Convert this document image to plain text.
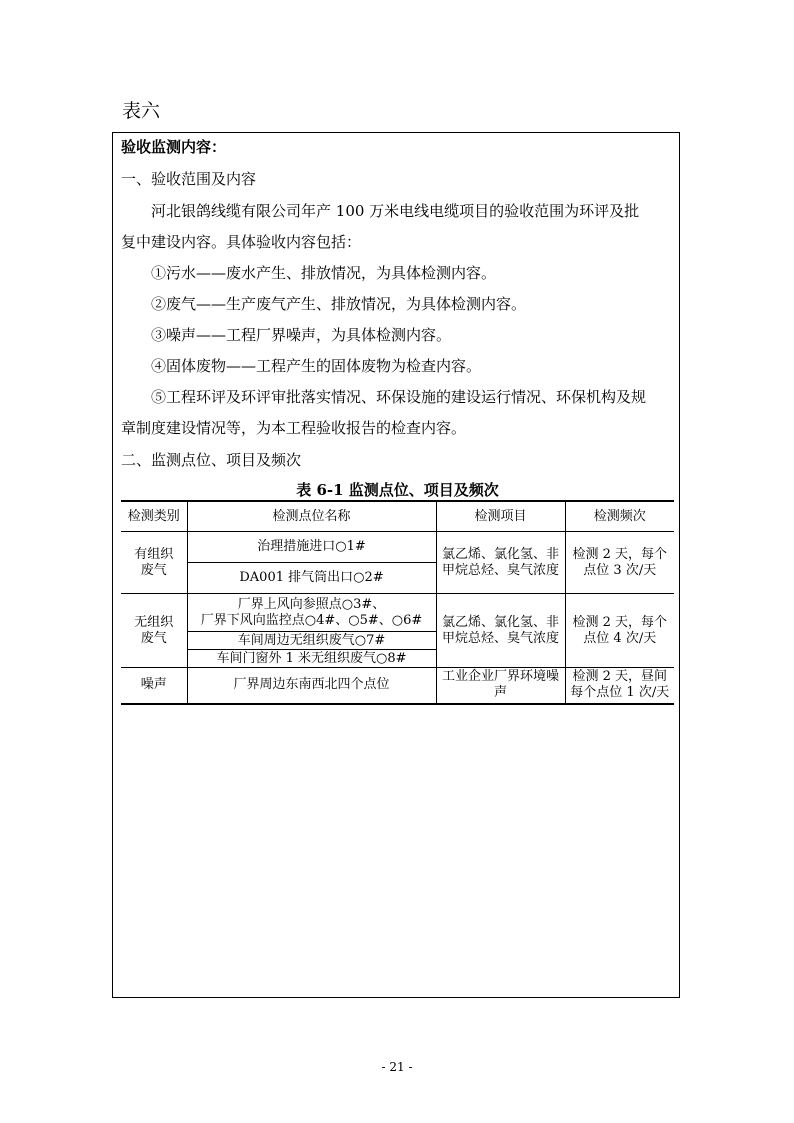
表六
验收监测内容：
一、验收范围及内容
河北银鸽线缆有限公司年产 100 万米电线电缆项目的验收范围为环评及批
复中建设内容。具体验收内容包括：
①污水——废水产生、排放情况，为具体检测内容。
②废气——生产废气产生、排放情况，为具体检测内容。
③噪声——工程厂界噪声，为具体检测内容。
④固体废物——工程产生的固体废物为检查内容。
⑤工程环评及环评审批落实情况、环保设施的建设运行情况、环保机构及规
章制度建设情况等，为本工程验收报告的检查内容。
二、监测点位、项目及频次
表 6-1 监测点位、项目及频次
检测类别	检测点位名称	检测项目	检测频次
有组织废气	治理措施进口○1#	氯乙烯、氯化氢、非甲烷总烃、臭气浓度	检测 2 天，每个点位 3 次/天
	DA001 排气筒出口○2#		
无组织废气	厂界上风向参照点○3#、
厂界下风向监控点○4#、○5#、○6#	氯乙烯、氯化氢、非甲烷总烃、臭气浓度	检测 2 天，每个点位 4 次/天
	车间周边无组织废气○7#		
	车间门窗外 1 米无组织废气○8#		
噪声	厂界周边东南西北四个点位	工业企业厂界环境噪声	检测 2 天，昼间每个点位 1 次/天
- 21 -
